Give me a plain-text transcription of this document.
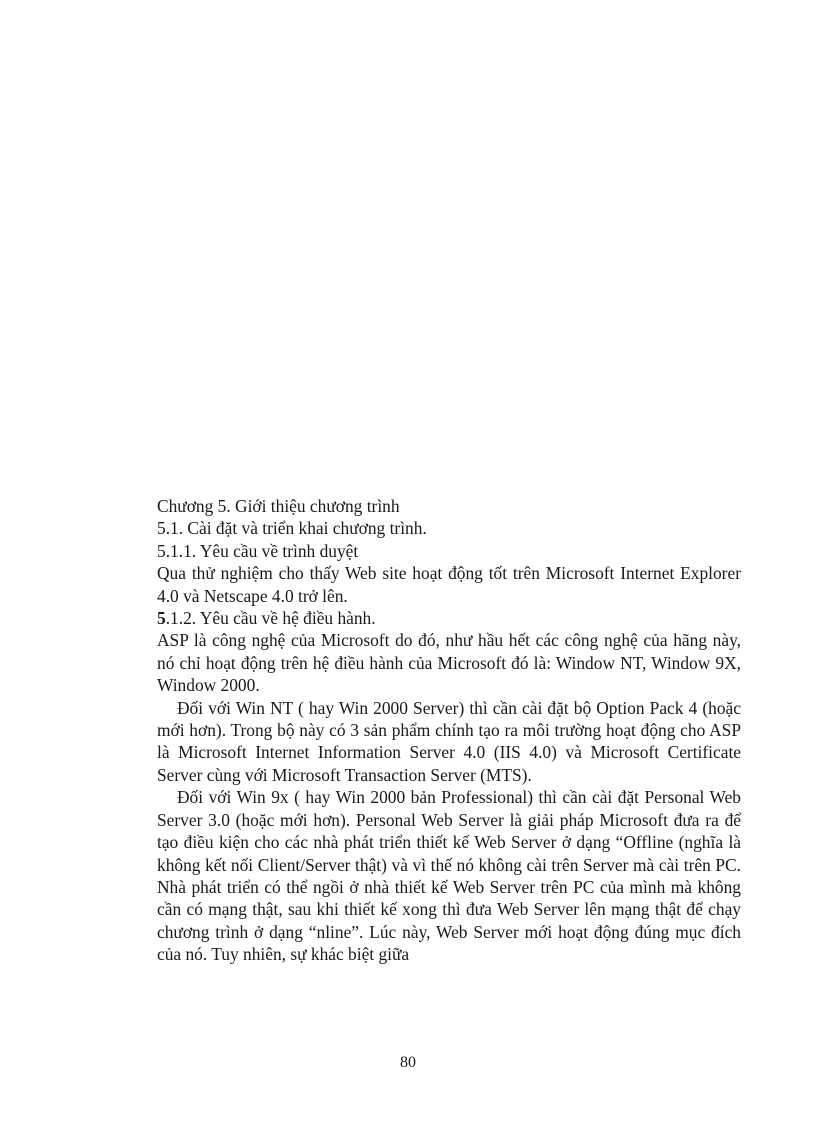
Chương 5. Giới thiệu chương trình
5.1. Cài đặt và triển khai chương trình.
5.1.1. Yêu cầu về trình duyệt
Qua thử nghiệm cho thấy Web site hoạt động tốt trên Microsoft Internet Explorer 4.0 và Netscape 4.0 trở lên.
5.1.2. Yêu cầu về hệ điều hành.
ASP là công nghệ của Microsoft do đó, như hầu hết các công nghệ của hãng này, nó chỉ hoạt động trên hệ điều hành của Microsoft đó là: Window NT, Window 9X, Window 2000.
Đối với Win NT ( hay Win 2000 Server) thì cần cài đặt bộ Option Pack 4 (hoặc mới hơn). Trong bộ này có 3 sản phẩm chính tạo ra môi trường hoạt động cho ASP là Microsoft Internet Information Server 4.0 (IIS 4.0) và Microsoft Certificate Server cùng với Microsoft Transaction Server (MTS).
Đối với Win 9x ( hay Win 2000 bản Professional) thì cần cài đặt Personal Web Server 3.0 (hoặc mới hơn). Personal Web Server là giải pháp Microsoft đưa ra để tạo điều kiện cho các nhà phát triển thiết kế Web Server ở dạng “Offline (nghĩa là không kết nối Client/Server thật) và vì thế nó không cài trên Server mà cài trên PC. Nhà phát triển có thể ngồi ở nhà thiết kế Web Server trên PC của mình mà không cần có mạng thật, sau khi thiết kế xong thì đưa Web Server lên mạng thật để chạy chương trình ở dạng “nline”. Lúc này, Web Server mới hoạt động đúng mục đích của nó. Tuy nhiên, sự khác biệt giữa
80
